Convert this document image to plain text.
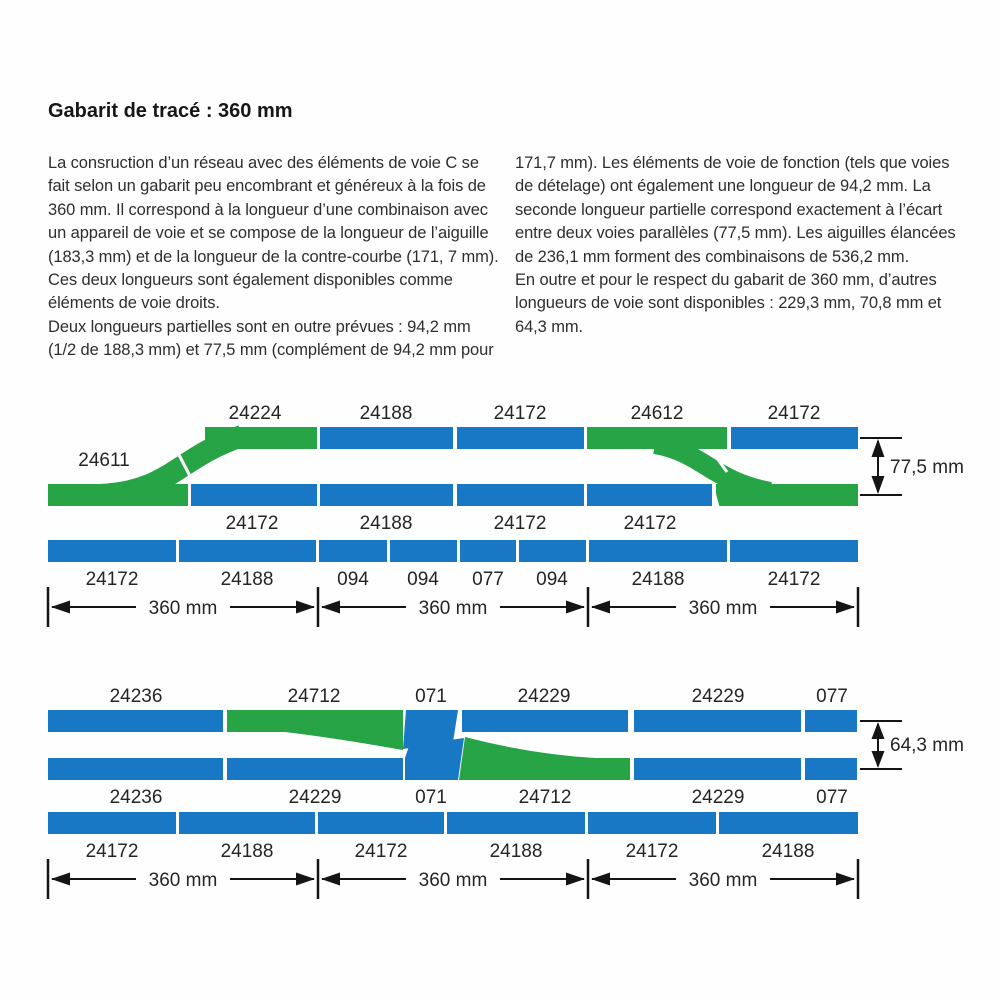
Gabarit de tracé : 360 mm
La consruction d’un réseau avec des éléments de voie C se
fait selon un gabarit peu encombrant et généreux à la fois de
360 mm. Il correspond à la longueur d’une combinaison avec
un appareil de voie et se compose de la longueur de l’aiguille
(183,3 mm) et de la longueur de la contre-courbe (171, 7 mm).
Ces deux longueurs sont également disponibles comme
éléments de voie droits.
Deux longueurs partielles sont en outre prévues : 94,2 mm
(1/2 de 188,3 mm) et 77,5 mm (complément de 94,2 mm pour
171,7 mm). Les éléments de voie de fonction (tels que voies
de dételage) ont également une longueur de 94,2 mm. La
seconde longueur partielle correspond exactement à l’écart
entre deux voies parallèles (77,5 mm). Les aiguilles élancées
de 236,1 mm forment des combinaisons de 536,2 mm.
En outre et pour le respect du gabarit de 360 mm, d’autres
longueurs de voie sont disponibles : 229,3 mm, 70,8 mm et
64,3 mm.
24224	24188	24172	24612	24172
24611
24172	24188	24172	24172
24172	24188	094 094 077 094	24188	24172
360 mm	360 mm	360 mm
77,5 mm
24236	24712	071	24229	24229	077
24236	24229	071	24712	24229	077
24172	24188	24172	24188	24172	24188
360 mm	360 mm	360 mm
64,3 mm
